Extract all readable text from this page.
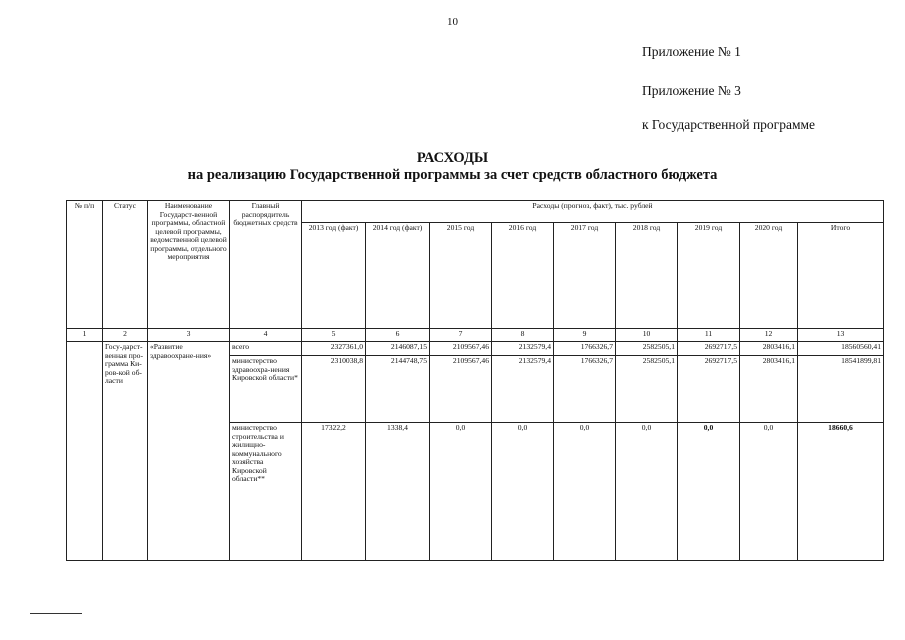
10
Приложение № 1
Приложение № 3
к Государственной программе
РАСХОДЫ
на реализацию Государственной программы за счет средств областного бюджета
№ п/п	Статус	Наименование Государст-венной программы, областной целевой программы, ведомственной целевой программы, отдельного мероприятия	Главный распорядитель бюджетных средств	Расходы (прогноз, факт), тыс. рублей								
				2013 год (факт)	2014 год (факт)	2015 год	2016 год	2017 год	2018 год	2019 год	2020 год	Итого
1	2	3	4	5	6	7	8	9	10	11	12	13
	Госу-дарст-венная про-грамма Ки-ров-кой об-ласти	«Развитие здравоохране-ния»	всего	2327361,0	2146087,15	2109567,46	2132579,4	1766326,7	2582505,1	2692717,5	2803416,1	18560560,41
			министерство здравоохра-нения Кировской области*	2310038,8	2144748,75	2109567,46	2132579,4	1766326,7	2582505,1	2692717,5	2803416,1	18541899,81
			министерство строительства и жилищно-коммунального хозяйства Кировской области**	17322,2	1338,4	0,0	0,0	0,0	0,0	0,0	0,0	18660,6
